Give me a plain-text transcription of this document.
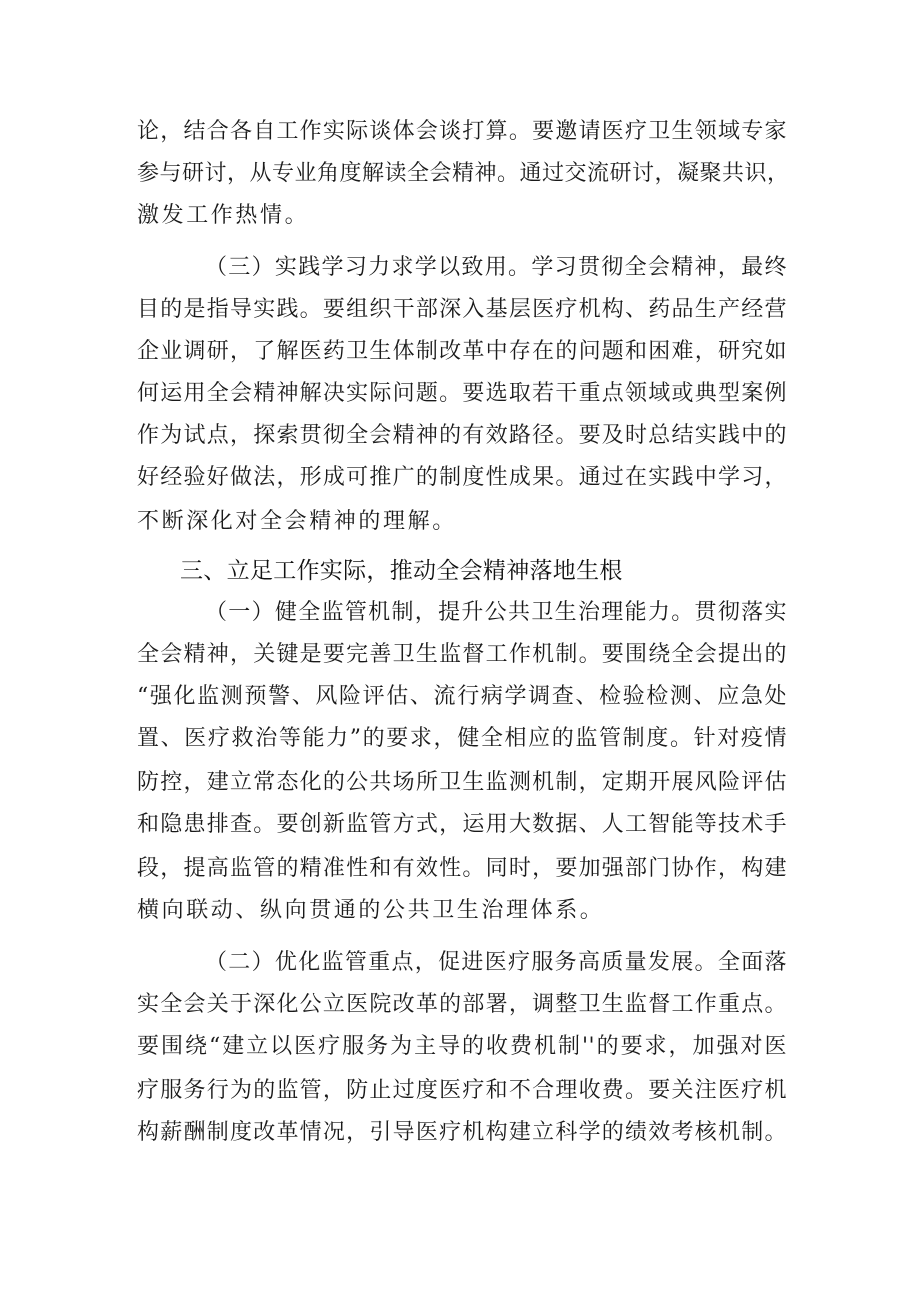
论，结合各自工作实际谈体会谈打算。要邀请医疗卫生领域专家
参与研讨，从专业角度解读全会精神。通过交流研讨，凝聚共识，
激发工作热情。
（三）实践学习力求学以致用。学习贯彻全会精神，最终
目的是指导实践。要组织干部深入基层医疗机构、药品生产经营
企业调研，了解医药卫生体制改革中存在的问题和困难，研究如
何运用全会精神解决实际问题。要选取若干重点领域或典型案例
作为试点，探索贯彻全会精神的有效路径。要及时总结实践中的
好经验好做法，形成可推广的制度性成果。通过在实践中学习，
不断深化对全会精神的理解。
三、立足工作实际，推动全会精神落地生根
（一）健全监管机制，提升公共卫生治理能力。贯彻落实
全会精神，关键是要完善卫生监督工作机制。要围绕全会提出的
“强化监测预警、风险评估、流行病学调查、检验检测、应急处
置、医疗救治等能力”的要求，健全相应的监管制度。针对疫情
防控，建立常态化的公共场所卫生监测机制，定期开展风险评估
和隐患排查。要创新监管方式，运用大数据、人工智能等技术手
段，提高监管的精准性和有效性。同时，要加强部门协作，构建
横向联动、纵向贯通的公共卫生治理体系。
（二）优化监管重点，促进医疗服务高质量发展。全面落
实全会关于深化公立医院改革的部署，调整卫生监督工作重点。
要围绕“建立以医疗服务为主导的收费机制''的要求，加强对医
疗服务行为的监管，防止过度医疗和不合理收费。要关注医疗机
构薪酬制度改革情况，引导医疗机构建立科学的绩效考核机制。
